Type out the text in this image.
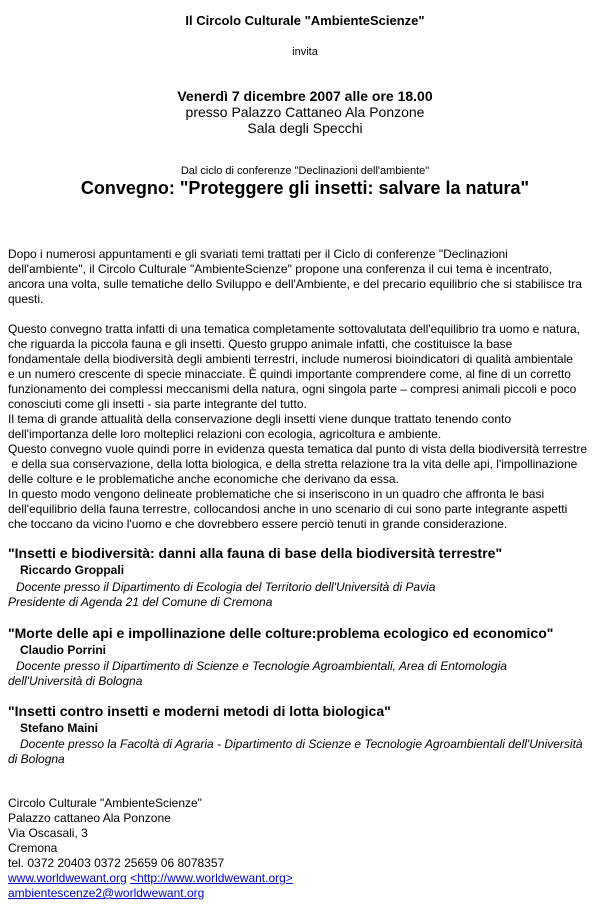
Il Circolo Culturale "AmbienteScienze"
invita
Venerdì 7 dicembre 2007 alle ore 18.00
presso Palazzo Cattaneo Ala Ponzone
Sala degli Specchi
Dal ciclo di conferenze "Declinazioni dell'ambiente"
Convegno: "Proteggere gli insetti: salvare la natura"
Dopo i numerosi appuntamenti e gli svariati temi trattati per il Ciclo di conferenze "Declinazioni
dell'ambiente", il Circolo Culturale "AmbienteScienze" propone una conferenza il cui tema è incentrato,
ancora una volta, sulle tematiche dello Sviluppo e dell'Ambiente, e del precario equilibrio che si stabilisce tra
questi.
Questo convegno tratta infatti di una tematica completamente sottovalutata dell'equilibrio tra uomo e natura,
che riguarda la piccola fauna e gli insetti. Questo gruppo animale infatti, che costituisce la base
fondamentale della biodiversità degli ambienti terrestri, include numerosi bioindicatori di qualità ambientale
e un numero crescente di specie minacciate. È quindi importante comprendere come, al fine di un corretto
funzionamento dei complessi meccanismi della natura, ogni singola parte – compresi animali piccoli e poco
conosciuti come gli insetti - sia parte integrante del tutto.
Il tema di grande attualità della conservazione degli insetti viene dunque trattato tenendo conto
dell'importanza delle loro molteplici relazioni con ecologia, agricoltura e ambiente.
Questo convegno vuole quindi porre in evidenza questa tematica dal punto di vista della biodiversità terrestre
e della sua conservazione, della lotta biologica, e della stretta relazione tra la vita delle api, l'impollinazione
delle colture e le problematiche anche economiche che derivano da essa.
In questo modo vengono delineate problematiche che si inseriscono in un quadro che affronta le basi
dell'equilibrio della fauna terrestre, collocandosi anche in uno scenario di cui sono parte integrante aspetti
che toccano da vicino l'uomo e che dovrebbero essere perciò tenuti in grande considerazione.
"Insetti e biodiversità: danni alla fauna di base della biodiversità terrestre"
Riccardo Groppali
Docente presso il Dipartimento di Ecologia del Territorio dell'Università di Pavia
Presidente di Agenda 21 del Comune di Cremona
"Morte delle api e impollinazione delle colture:problema ecologico ed economico"
Claudio Porrini
Docente presso il Dipartimento di Scienze e Tecnologie Agroambientali, Area di Entomologia
dell'Università di Bologna
"Insetti contro insetti e moderni metodi di lotta biologica"
Stefano Maini
Docente presso la Facoltà di Agraria - Dipartimento di Scienze e Tecnologie Agroambientali dell'Università
di Bologna
Circolo Culturale "AmbienteScienze"
Palazzo cattaneo Ala Ponzone
Via Oscasali, 3
Cremona
tel. 0372 20403 0372 25659 06 8078357
www.worldwewant.org <http://www.worldwewant.org>
ambientescenze2@worldwewant.org
